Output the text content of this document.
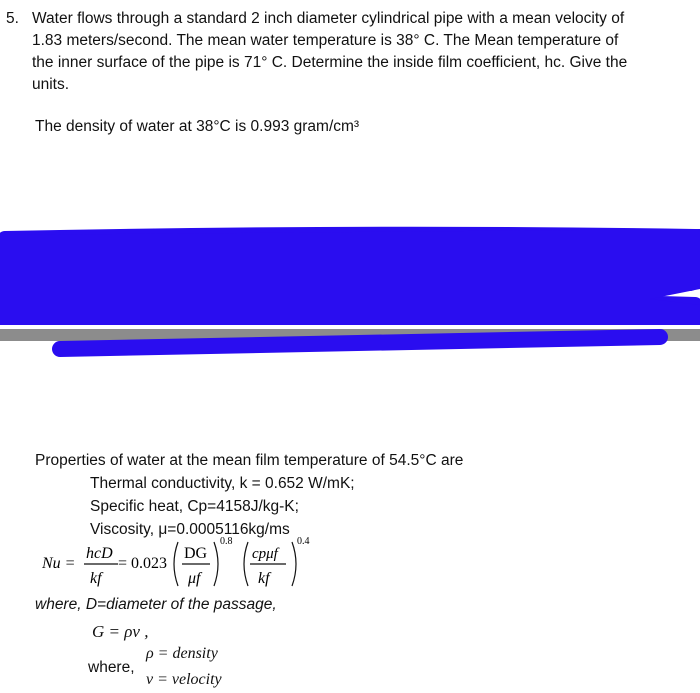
5. Water flows through a standard 2 inch diameter cylindrical pipe with a mean velocity of
1.83 meters/second. The mean water temperature is 38° C. The Mean temperature of
the inner surface of the pipe is 71° C. Determine the inside film coefficient, hc. Give the
units.
The density of water at 38°C is 0.993 gram/cm³
Properties of water at the mean film temperature of 54.5°C are
Thermal conductivity, k = 0.652 W/mK;
Specific heat, Cp=4158J/kg-K;
Viscosity, μ=0.0005116kg/ms
Nu =
hcD
kf
= 0.023
DG
μf
0.8
cpμf
kf
0.4
where, D=diameter of the passage,
G = ρv ,
where,
ρ = density
v = velocity
